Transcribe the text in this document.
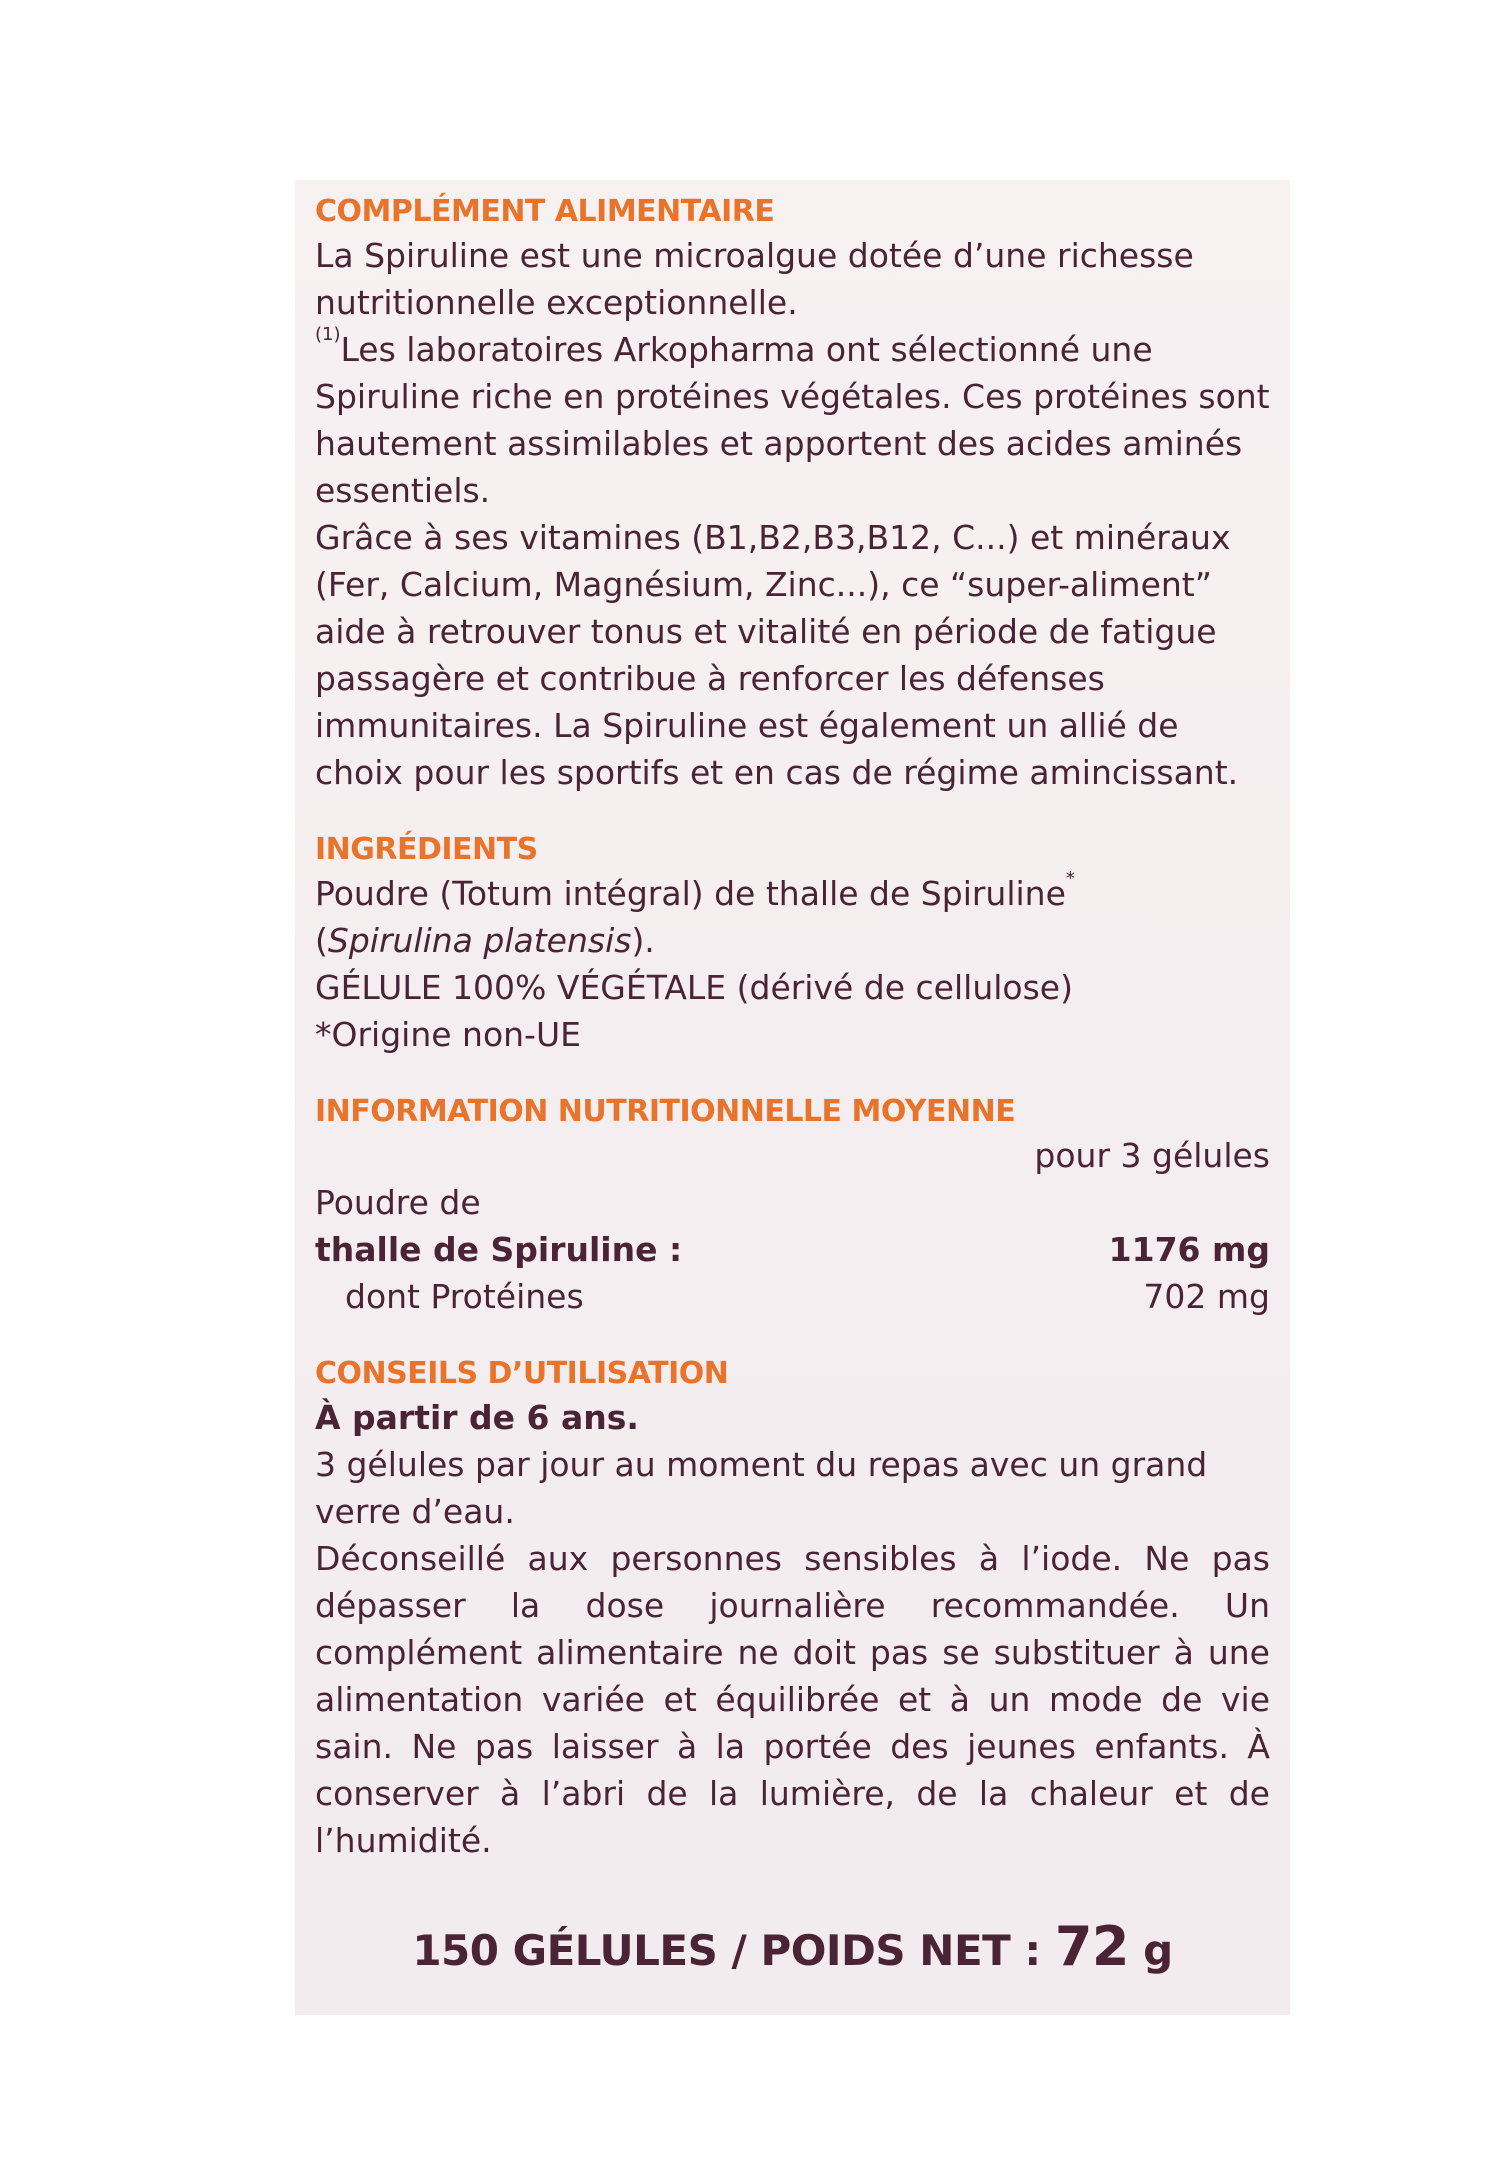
COMPLÉMENT ALIMENTAIRE

La Spiruline est une microalgue dotée d’une richesse nutritionnelle exceptionnelle.

$^{(1)}$Les laboratoires Arkopharma ont sélectionné une Spiruline riche en protéines végétales. Ces protéines sont hautement assimilables et apportent des acides aminés essentiels.

Grâce à ses vitamines (B1,B2,B3,B12, C...) et minéraux (Fer, Calcium, Magnésium, Zinc...), ce “super-aliment” aide à retrouver tonus et vitalité en période de fatigue passagère et contribue à renforcer les défenses immunitaires. La Spiruline est également un allié de choix pour les sportifs et en cas de régime amincissant.

INGRÉDIENTS

Poudre (Totum intégral) de thalle de Spiruline*

(Spirulina platensis).

GÉLULE 100% VÉGÉTALE (dérivé de cellulose)

*Origine non-UE

INFORMATION NUTRITIONNELLE MOYENNE

pour 3 gélules

Poudre de

thalle de Spiruline :	1176 mg
dont Protéines	702 mg
CONSEILS D’UTILISATION

À partir de 6 ans.

3 gélules par jour au moment du repas avec un grand verre d’eau.

Déconseillé aux personnes sensibles à l’iode. Ne pas dépasser la dose journalière recommandée. Un complément alimentaire ne doit pas se substituer à une alimentation variée et équilibrée et à un mode de vie sain. Ne pas laisser à la portée des jeunes enfants. À conserver à l’abri de la lumière, de la chaleur et de l’humidité.

150 GÉLULES / POIDS NET : 72 g
